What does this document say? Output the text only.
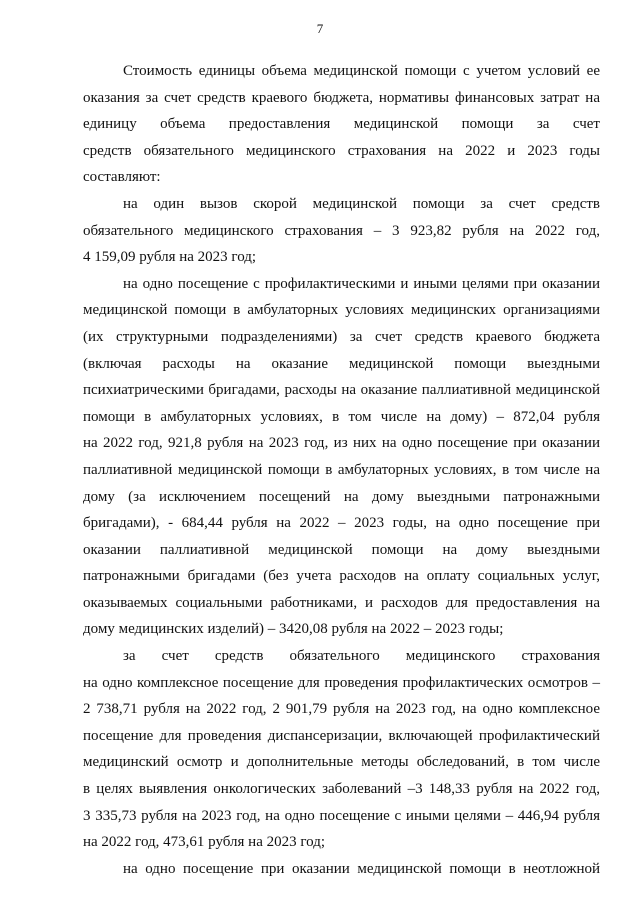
7
Стоимость единицы объема медицинской помощи с учетом условий ее
оказания за счет средств краевого бюджета, нормативы финансовых затрат на
единицу объема предоставления медицинской помощи за счет
средств обязательного медицинского страхования на 2022 и 2023 годы
составляют:
на один вызов скорой медицинской помощи за счет средств
обязательного медицинского страхования – 3 923,82 рубля на 2022 год,
4 159,09 рубля на 2023 год;
на одно посещение с профилактическими и иными целями при оказании
медицинской помощи в амбулаторных условиях медицинских организациями
(их структурными подразделениями) за счет средств краевого бюджета
(включая расходы на оказание медицинской помощи выездными
психиатрическими бригадами, расходы на оказание паллиативной медицинской
помощи в амбулаторных условиях, в том числе на дому) – 872,04 рубля
на 2022 год, 921,8 рубля на 2023 год, из них на одно посещение при оказании
паллиативной медицинской помощи в амбулаторных условиях, в том числе на
дому (за исключением посещений на дому выездными патронажными
бригадами), - 684,44 рубля на 2022 – 2023 годы, на одно посещение при
оказании паллиативной медицинской помощи на дому выездными
патронажными бригадами (без учета расходов на оплату социальных услуг,
оказываемых социальными работниками, и расходов для предоставления на
дому медицинских изделий) – 3420,08 рубля на 2022 – 2023 годы;
за счет средств обязательного медицинского страхования
на одно комплексное посещение для проведения профилактических осмотров –
2 738,71 рубля на 2022 год, 2 901,79 рубля на 2023 год, на одно комплексное
посещение для проведения диспансеризации, включающей профилактический
медицинский осмотр и дополнительные методы обследований, в том числе
в целях выявления онкологических заболеваний –3 148,33 рубля на 2022 год,
3 335,73 рубля на 2023 год, на одно посещение с иными целями – 446,94 рубля
на 2022 год, 473,61 рубля на 2023 год;
на одно посещение при оказании медицинской помощи в неотложной
